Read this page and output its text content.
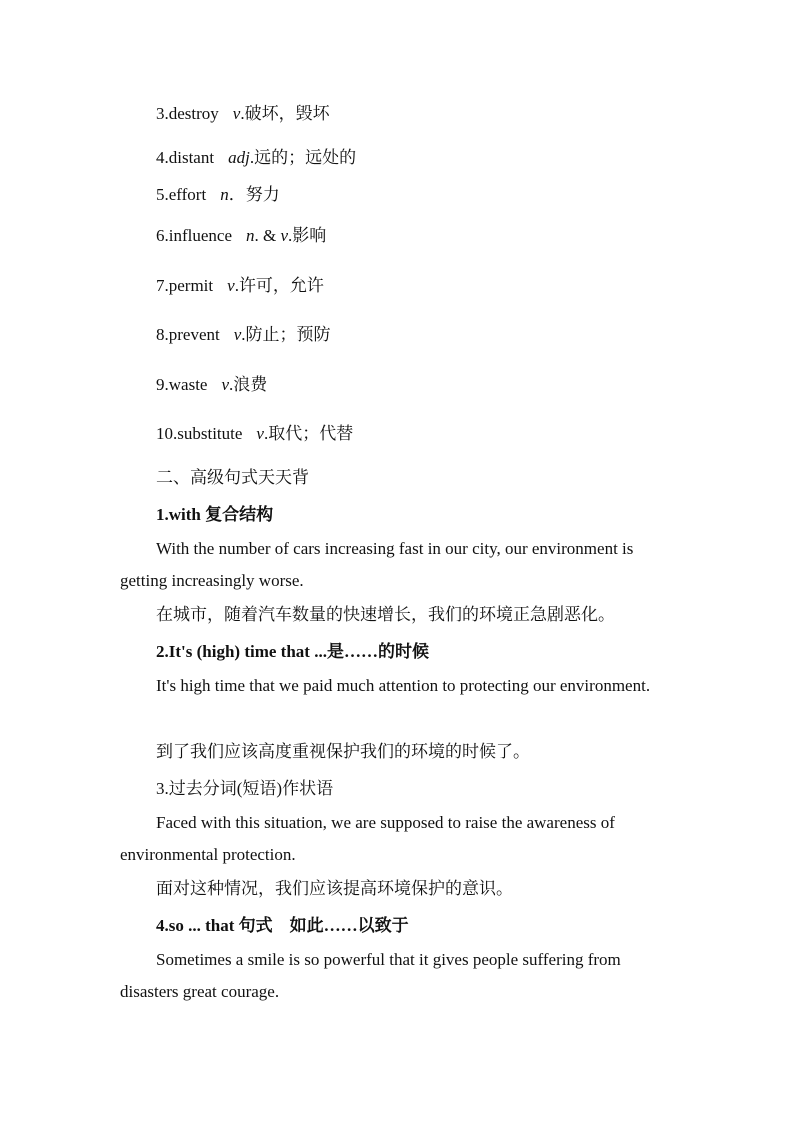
3.destroy v.破坏，毁坏
4.distant adj.远的；远处的
5.effort n．努力
6.influence n. & v.影响
7.permit v.许可，允许
8.prevent v.防止；预防
9.waste v.浪费
10.substitute v.取代；代替
二、高级句式天天背
1.with 复合结构
With the number of cars increasing fast in our city, our environment is getting increasingly worse.
在城市，随着汽车数量的快速增长，我们的环境正急剧恶化。
2.It's (high) time that ...是……的时候
It's high time that we paid much attention to protecting our environment.
到了我们应该高度重视保护我们的环境的时候了。
3.过去分词(短语)作状语
Faced with this situation, we are supposed to raise the awareness of environmental protection.
面对这种情况，我们应该提高环境保护的意识。
4.so ... that 句式　如此……以致于
Sometimes a smile is so powerful that it gives people suffering from disasters great courage.
